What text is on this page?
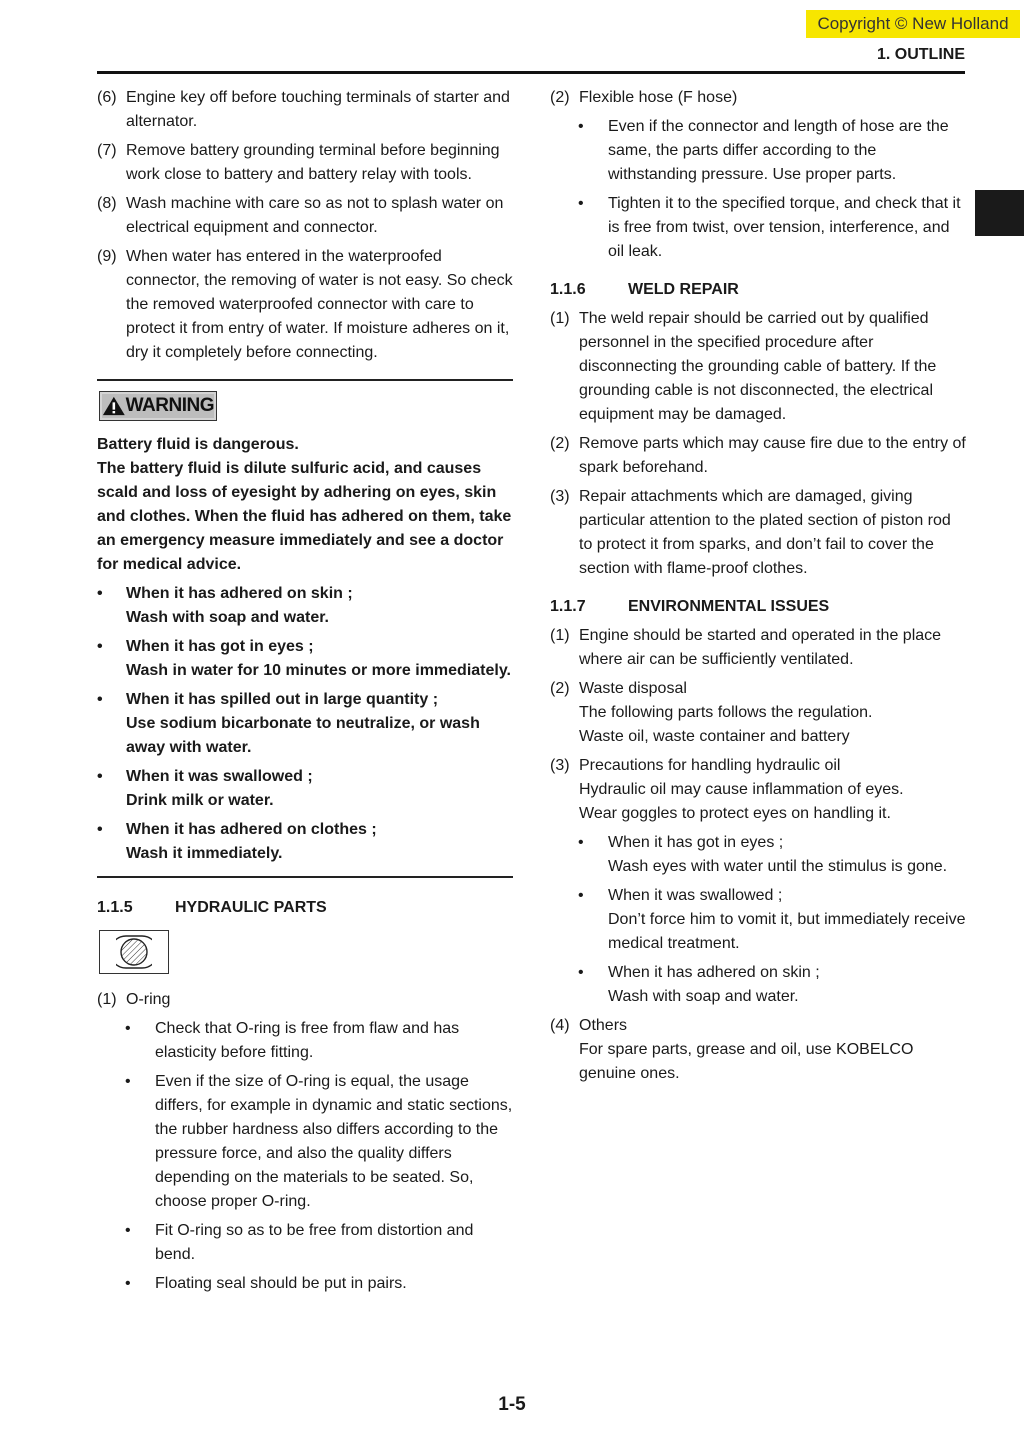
Copyright © New Holland
1. OUTLINE
(6) Engine key off before touching terminals of starter and alternator.
(7) Remove battery grounding terminal before beginning work close to battery and battery relay with tools.
(8) Wash machine with care so as not to splash water on electrical equipment and connector.
(9) When water has entered in the waterproofed connector, the removing of water is not easy. So check the removed waterproofed connector with care to protect it from entry of water. If moisture adheres on it, dry it completely before connecting.
WARNING
Battery fluid is dangerous.
The battery fluid is dilute sulfuric acid, and causes scald and loss of eyesight by adhering on eyes, skin and clothes. When the fluid has adhered on them, take an emergency measure immediately and see a doctor for medical advice.
•	When it has adhered on skin ;
Wash with soap and water.
•	When it has got in eyes ;
Wash in water for 10 minutes or more immediately.
•	When it has spilled out in large quantity ;
Use sodium bicarbonate to neutralize, or wash away with water.
•	When it was swallowed ;
Drink milk or water.
•	When it has adhered on clothes ;
Wash it immediately.
1.1.5	HYDRAULIC PARTS
(1) O-ring
•	Check that O-ring is free from flaw and has elasticity before fitting.
•	Even if the size of O-ring is equal, the usage differs, for example in dynamic and static sections, the rubber hardness also differs according to the pressure force, and also the quality differs depending on the materials to be seated. So, choose proper O-ring.
•	Fit O-ring so as to be free from distortion and bend.
•	Floating seal should be put in pairs.
(2) Flexible hose (F hose)
•	Even if the connector and length of hose are the same, the parts differ according to the withstanding pressure. Use proper parts.
•	Tighten it to the specified torque, and check that it is free from twist, over tension, interference, and oil leak.
1.1.6	WELD REPAIR
(1) The weld repair should be carried out by qualified personnel in the specified procedure after disconnecting the grounding cable of battery. If the grounding cable is not disconnected, the electrical equipment may be damaged.
(2) Remove parts which may cause fire due to the entry of spark beforehand.
(3) Repair attachments which are damaged, giving particular attention to the plated section of piston rod to protect it from sparks, and don’t fail to cover the section with flame-proof clothes.
1.1.7	ENVIRONMENTAL ISSUES
(1) Engine should be started and operated in the place where air can be sufficiently ventilated.
(2) Waste disposal
The following parts follows the regulation.
Waste oil, waste container and battery
(3) Precautions for handling hydraulic oil
Hydraulic oil may cause inflammation of eyes.
Wear goggles to protect eyes on handling it.
•	When it has got in eyes ;
Wash eyes with water until the stimulus is gone.
•	When it was swallowed ;
Don’t force him to vomit it, but immediately receive medical treatment.
•	When it has adhered on skin ;
Wash with soap and water.
(4) Others
For spare parts, grease and oil, use KOBELCO genuine ones.
1-5
